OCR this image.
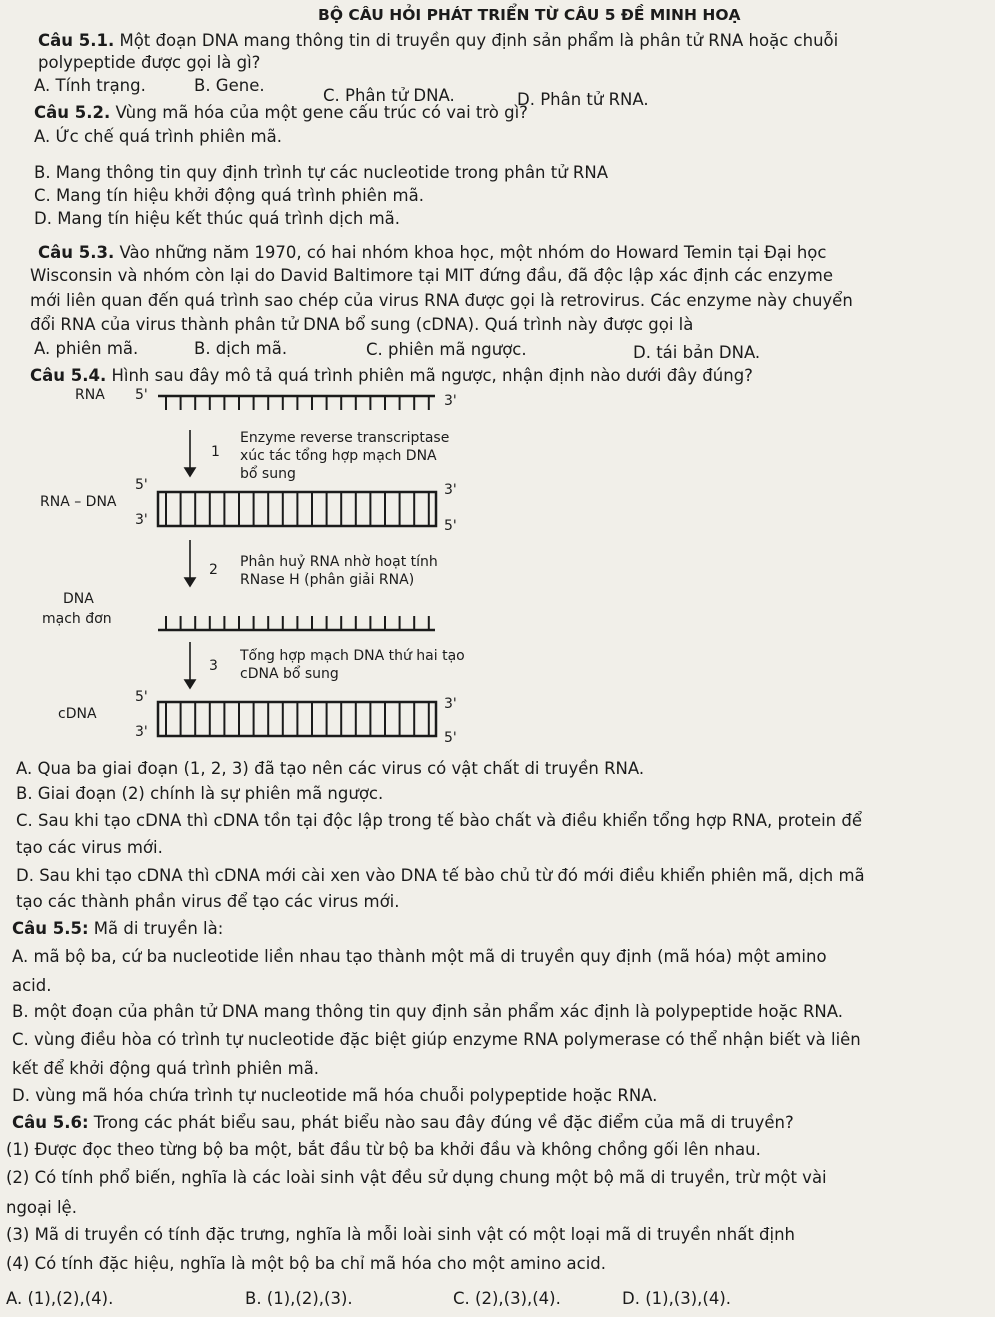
BỘ CÂU HỎI PHÁT TRIỂN TỪ CÂU 5 ĐỀ MINH HOẠ
Câu 5.1. Một đoạn DNA mang thông tin di truyền quy định sản phẩm là phân tử RNA hoặc chuỗi
polypeptide được gọi là gì?
A. Tính trạng.	B. Gene.
C. Phân tử DNA.	D. Phân tử RNA.
Câu 5.2. Vùng mã hóa của một gene cấu trúc có vai trò gì?
A. Ức chế quá trình phiên mã.
B. Mang thông tin quy định trình tự các nucleotide trong phân tử RNA
C. Mang tín hiệu khởi động quá trình phiên mã.
D. Mang tín hiệu kết thúc quá trình dịch mã.
Câu 5.3. Vào những năm 1970, có hai nhóm khoa học, một nhóm do Howard Temin tại Đại học
Wisconsin và nhóm còn lại do David Baltimore tại MIT đứng đầu, đã độc lập xác định các enzyme
mới liên quan đến quá trình sao chép của virus RNA được gọi là retrovirus. Các enzyme này chuyển
đổi RNA của virus thành phân tử DNA bổ sung (cDNA). Quá trình này được gọi là
A. phiên mã.	B. dịch mã.	C. phiên mã ngược.	D. tái bản DNA.
Câu 5.4. Hình sau đây mô tả quá trình phiên mã ngược, nhận định nào dưới đây đúng?
RNA 5'	3'
1
Enzyme reverse transcriptase
xúc tác tổng hợp mạch DNA
bổ sung
RNA – DNA
5'	3'
3'	5'
2 Phân huỷ RNA nhờ hoạt tính
RNase H (phân giải RNA)
DNA
mạch đơn
3
Tổng hợp mạch DNA thứ hai tạo
cDNA bổ sung
cDNA
5'	3'
3'	5'
A. Qua ba giai đoạn (1, 2, 3) đã tạo nên các virus có vật chất di truyền RNA.
B. Giai đoạn (2) chính là sự phiên mã ngược.
C. Sau khi tạo cDNA thì cDNA tồn tại độc lập trong tế bào chất và điều khiển tổng hợp RNA, protein để
tạo các virus mới.
D. Sau khi tạo cDNA thì cDNA mới cài xen vào DNA tế bào chủ từ đó mới điều khiển phiên mã, dịch mã
tạo các thành phần virus để tạo các virus mới.
Câu 5.5: Mã di truyền là:
A. mã bộ ba, cứ ba nucleotide liền nhau tạo thành một mã di truyền quy định (mã hóa) một amino
acid.
B. một đoạn của phân tử DNA mang thông tin quy định sản phẩm xác định là polypeptide hoặc RNA.
C. vùng điều hòa có trình tự nucleotide đặc biệt giúp enzyme RNA polymerase có thể nhận biết và liên
kết để khởi động quá trình phiên mã.
D. vùng mã hóa chứa trình tự nucleotide mã hóa chuỗi polypeptide hoặc RNA.
Câu 5.6: Trong các phát biểu sau, phát biểu nào sau đây đúng về đặc điểm của mã di truyền?
(1) Được đọc theo từng bộ ba một, bắt đầu từ bộ ba khởi đầu và không chồng gối lên nhau.
(2) Có tính phổ biến, nghĩa là các loài sinh vật đều sử dụng chung một bộ mã di truyền, trừ một vài
ngoại lệ.
(3) Mã di truyền có tính đặc trưng, nghĩa là mỗi loài sinh vật có một loại mã di truyền nhất định
(4) Có tính đặc hiệu, nghĩa là một bộ ba chỉ mã hóa cho một amino acid.
A. (1),(2),(4).	B. (1),(2),(3).	C. (2),(3),(4).	D. (1),(3),(4).
